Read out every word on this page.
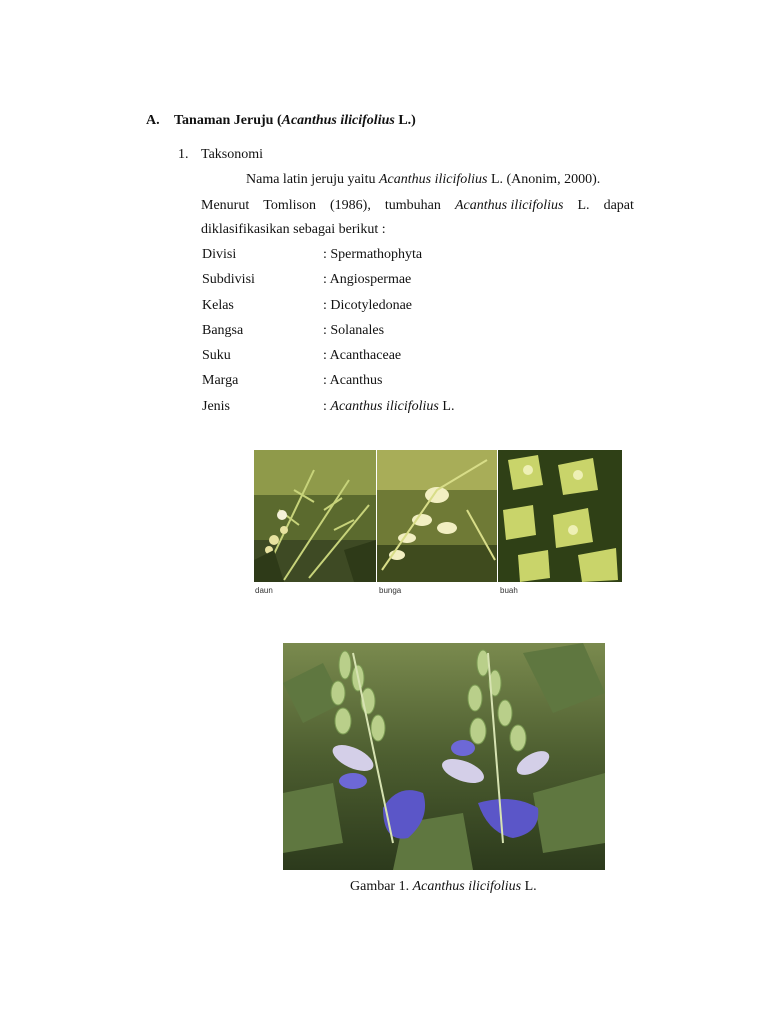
A. Tanaman Jeruju (Acanthus ilicifolius L.)
1. Taksonomi
Nama latin jeruju yaitu Acanthus ilicifolius L. (Anonim, 2000).
Menurut Tomlison (1986), tumbuhan Acanthus ilicifolius L. dapat
diklasifikasikan sebagai berikut :
Divisi	: Spermathophyta
Subdivisi	: Angiospermae
Kelas	: Dicotyledonae
Bangsa	: Solanales
Suku	: Acanthaceae
Marga	: Acanthus
Jenis	: Acanthus ilicifolius L.
daun	bunga	buah
Gambar 1. Acanthus ilicifolius L.
